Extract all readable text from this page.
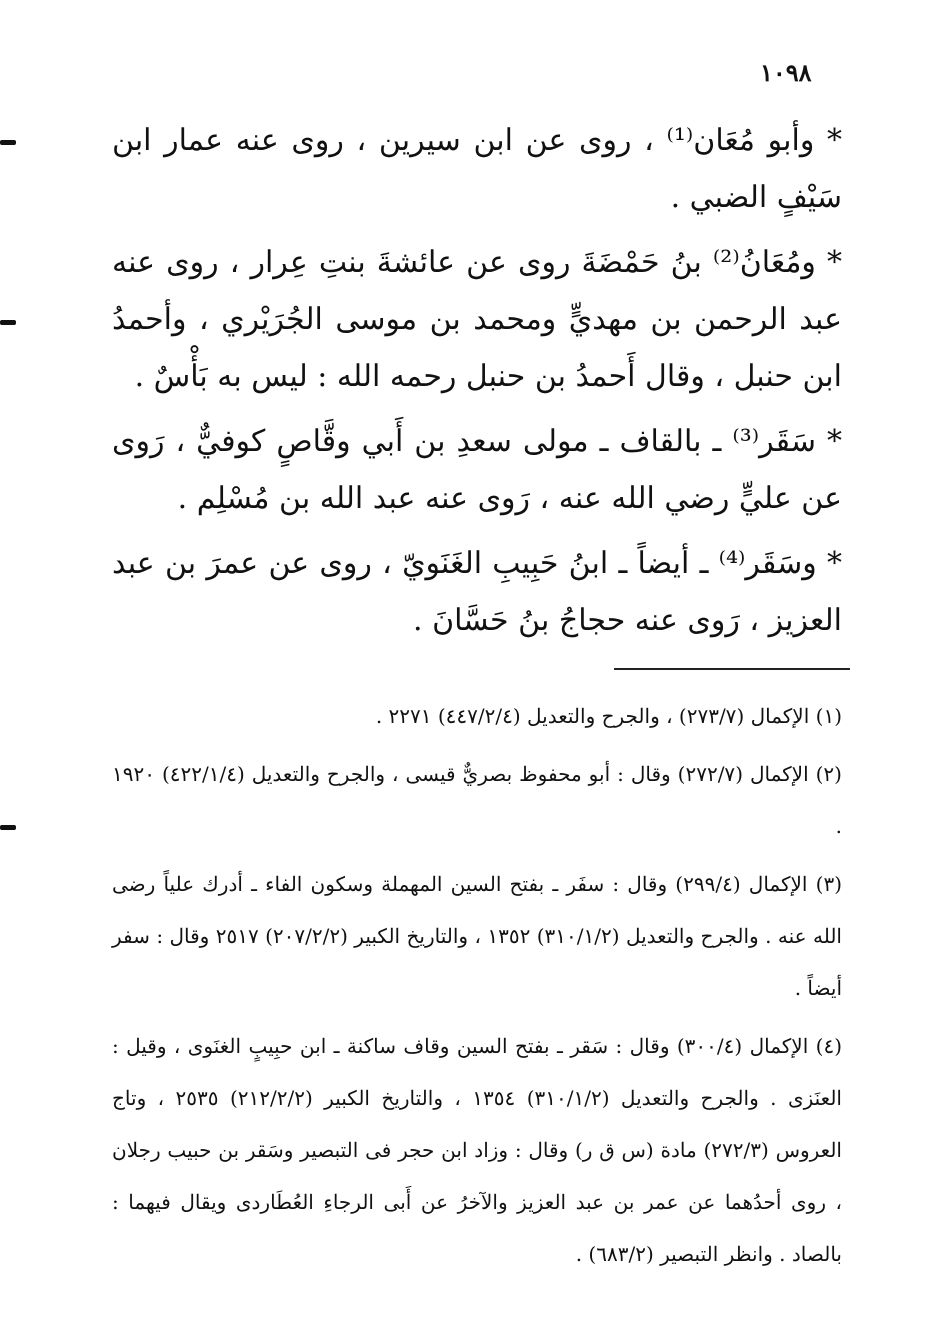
١٠٩٨

* وأبو مُعَان⁽¹⁾ ، روى عن ابن سيرين ، روى عنه عمار ابن سَيْفٍ الضبي .

* ومُعَانُ⁽²⁾ بنُ حَمْضَةَ روى عن عائشةَ بنتِ عِرار ، روى عنه عبد الرحمن بن مهديٍّ ومحمد بن موسى الجُرَيْري ، وأحمدُ ابن حنبل ، وقال أَحمدُ بن حنبل رحمه الله : ليس به بَأْسٌ .

* سَقَر⁽³⁾ ـ بالقاف ـ مولى سعدِ بن أَبي وقَّاصٍ كوفيٌّ ، رَوى عن عليٍّ رضي الله عنه ، رَوى عنه عبد الله بن مُسْلِم .

* وسَقَر⁽⁴⁾ ـ أيضاً ـ ابنُ حَبِيبِ الغَنَويّ ، روى عن عمرَ بن عبد العزيز ، رَوى عنه حجاجُ بنُ حَسَّانَ .

(١) الإكمال (٢٧٣/٧) ، والجرح والتعديل (٤٤٧/٢/٤) ٢٢٧١ .

(٢) الإكمال (٢٧٢/٧) وقال : أبو محفوظ بصريٌّ قيسى ، والجرح والتعديل (٤٢٢/١/٤) ١٩٢٠ .

(٣) الإكمال (٢٩٩/٤) وقال : سفَر ـ بفتح السين المهملة وسكون الفاء ـ أدرك علياً رضى الله عنه . والجرح والتعديل (٣١٠/١/٢) ١٣٥٢ ، والتاريخ الكبير (٢٠٧/٢/٢) ٢٥١٧ وقال : سفر أيضاً .

(٤) الإكمال (٣٠٠/٤) وقال : سَقر ـ بفتح السين وقاف ساكنة ـ ابن حبِيبٍ الغنَوى ، وقيل : العنَزى . والجرح والتعديل (٣١٠/١/٢) ١٣٥٤ ، والتاريخ الكبير (٢١٢/٢/٢) ٢٥٣٥ ، وتاج العروس (٢٧٢/٣) مادة (س ق ر) وقال : وزاد ابن حجر فى التبصير وسَقر بن حبيب رجلان ، روى أحدُهما عن عمر بن عبد العزيز والآخرُ عن أَبى الرجاءِ العُطَاردى ويقال فيهما : بالصاد . وانظر التبصير (٦٨٣/٢) .
